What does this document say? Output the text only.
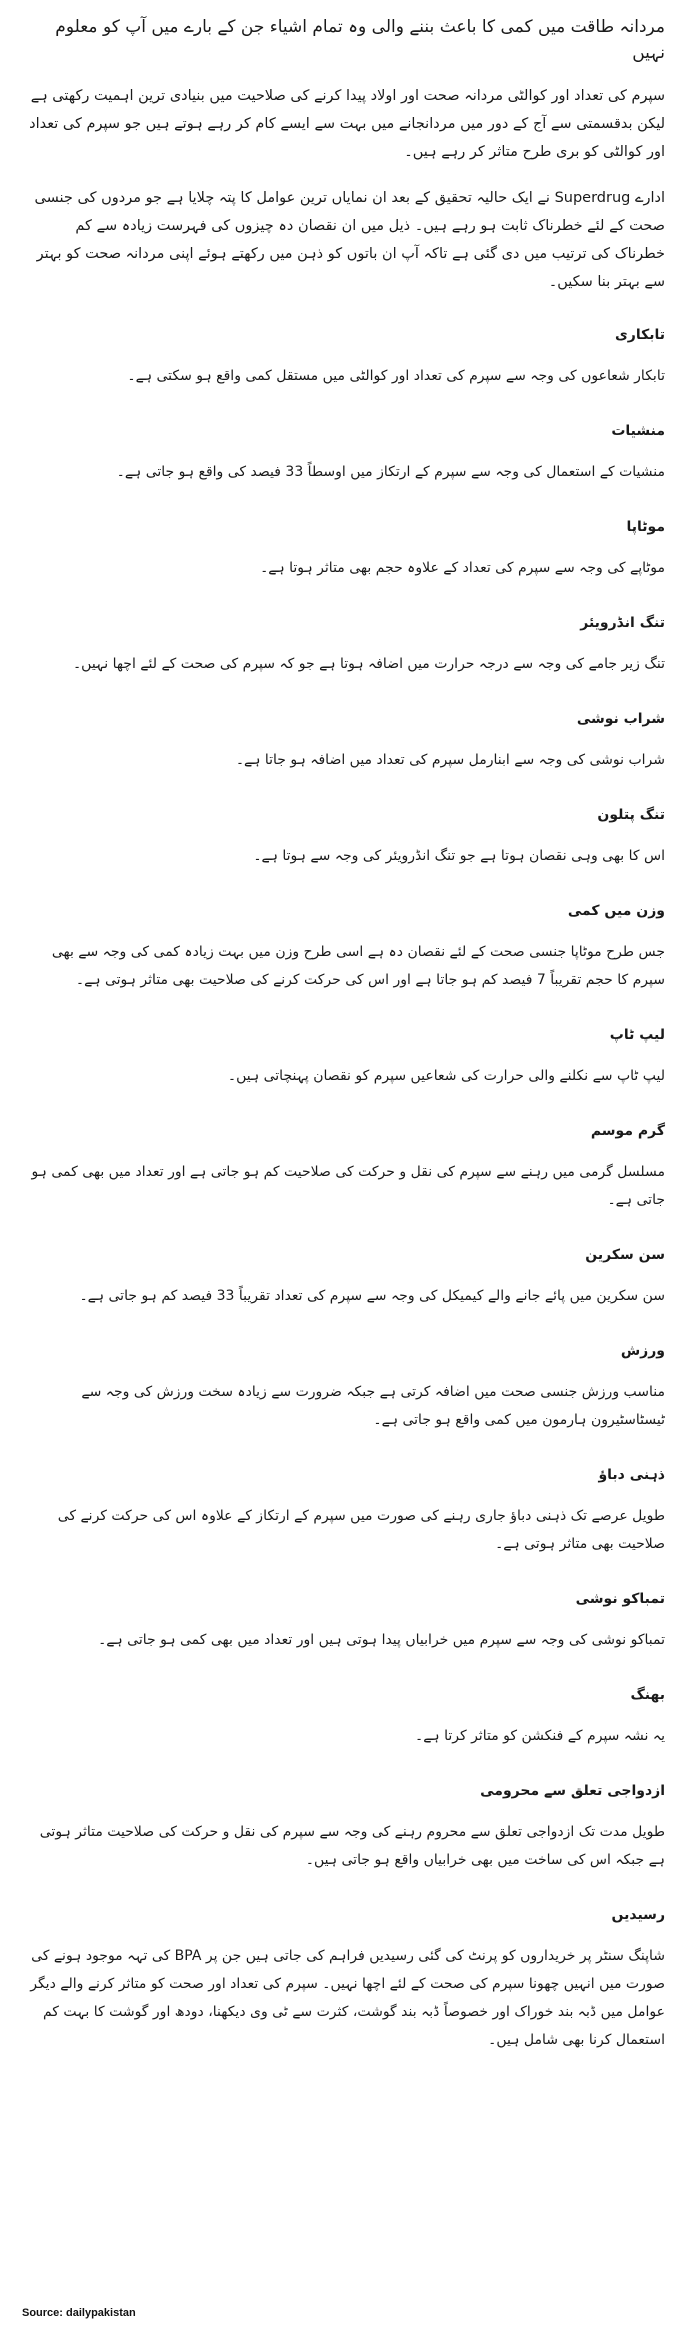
مردانہ طاقت میں کمی کا باعث بننے والی وہ تمام اشیاء جن کے بارے میں آپ کو معلوم نہیں

سپرم کی تعداد اور کوالٹی مردانہ صحت اور اولاد پیدا کرنے کی صلاحیت میں بنیادی ترین اہمیت رکھتی ہے لیکن بدقسمتی سے آج کے دور میں مردانجانے میں بہت سے ایسے کام کر رہے ہوتے ہیں جو سپرم کی تعداد اور کوالٹی کو بری طرح متاثر کر رہے ہیں۔

ادارے Superdrug نے ایک حالیہ تحقیق کے بعد ان نمایاں ترین عوامل کا پتہ چلایا ہے جو مردوں کی جنسی صحت کے لئے خطرناک ثابت ہو رہے ہیں۔ ذیل میں ان نقصان دہ چیزوں کی فہرست زیادہ سے کم خطرناک کی ترتیب میں دی گئی ہے تاکہ آپ ان باتوں کو ذہن میں رکھتے ہوئے اپنی مردانہ صحت کو بہتر سے بہتر بنا سکیں۔

تابکاری

تابکار شعاعوں کی وجہ سے سپرم کی تعداد اور کوالٹی میں مستقل کمی واقع ہو سکتی ہے۔

منشیات

منشیات کے استعمال کی وجہ سے سپرم کے ارتکاز میں اوسطاً 33 فیصد کی واقع ہو جاتی ہے۔

موٹاپا

موٹاپے کی وجہ سے سپرم کی تعداد کے علاوہ حجم بھی متاثر ہوتا ہے۔

تنگ انڈرویئر

تنگ زیر جامے کی وجہ سے درجہ حرارت میں اضافہ ہوتا ہے جو کہ سپرم کی صحت کے لئے اچھا نہیں۔

شراب نوشی

شراب نوشی کی وجہ سے ابنارمل سپرم کی تعداد میں اضافہ ہو جاتا ہے۔

تنگ پتلون

اس کا بھی وہی نقصان ہوتا ہے جو تنگ انڈرویئر کی وجہ سے ہوتا ہے۔

وزن میں کمی

جس طرح موٹاپا جنسی صحت کے لئے نقصان دہ ہے اسی طرح وزن میں بہت زیادہ کمی کی وجہ سے بھی سپرم کا حجم تقریباً 7 فیصد کم ہو جاتا ہے اور اس کی حرکت کرنے کی صلاحیت بھی متاثر ہوتی ہے۔

لیپ ٹاپ

لیپ ٹاپ سے نکلنے والی حرارت کی شعاعیں سپرم کو نقصان پہنچاتی ہیں۔

گرم موسم

مسلسل گرمی میں رہنے سے سپرم کی نقل و حرکت کی صلاحیت کم ہو جاتی ہے اور تعداد میں بھی کمی ہو جاتی ہے۔

سن سکرین

سن سکرین میں پائے جانے والے کیمیکل کی وجہ سے سپرم کی تعداد تقریباً 33 فیصد کم ہو جاتی ہے۔

ورزش

مناسب ورزش جنسی صحت میں اضافہ کرتی ہے جبکہ ضرورت سے زیادہ سخت ورزش کی وجہ سے ٹیسٹاسٹیرون ہارمون میں کمی واقع ہو جاتی ہے۔

ذہنی دباؤ

طویل عرصے تک ذہنی دباؤ جاری رہنے کی صورت میں سپرم کے ارتکاز کے علاوہ اس کی حرکت کرنے کی صلاحیت بھی متاثر ہوتی ہے۔

تمباکو نوشی

تمباکو نوشی کی وجہ سے سپرم میں خرابیاں پیدا ہوتی ہیں اور تعداد میں بھی کمی ہو جاتی ہے۔

بھنگ

یہ نشہ سپرم کے فنکشن کو متاثر کرتا ہے۔

ازدواجی تعلق سے محرومی

طویل مدت تک ازدواجی تعلق سے محروم رہنے کی وجہ سے سپرم کی نقل و حرکت کی صلاحیت متاثر ہوتی ہے جبکہ اس کی ساخت میں بھی خرابیاں واقع ہو جاتی ہیں۔

رسیدیں

شاپنگ سنٹر پر خریداروں کو پرنٹ کی گئی رسیدیں فراہم کی جاتی ہیں جن پر BPA کی تہہ موجود ہونے کی صورت میں انہیں چھونا سپرم کی صحت کے لئے اچھا نہیں۔ سپرم کی تعداد اور صحت کو متاثر کرنے والے دیگر عوامل میں ڈبہ بند خوراک اور خصوصاً ڈبہ بند گوشت، کثرت سے ٹی وی دیکھنا، دودھ اور گوشت کا بہت کم استعمال کرنا بھی شامل ہیں۔

Source: dailypakistan
